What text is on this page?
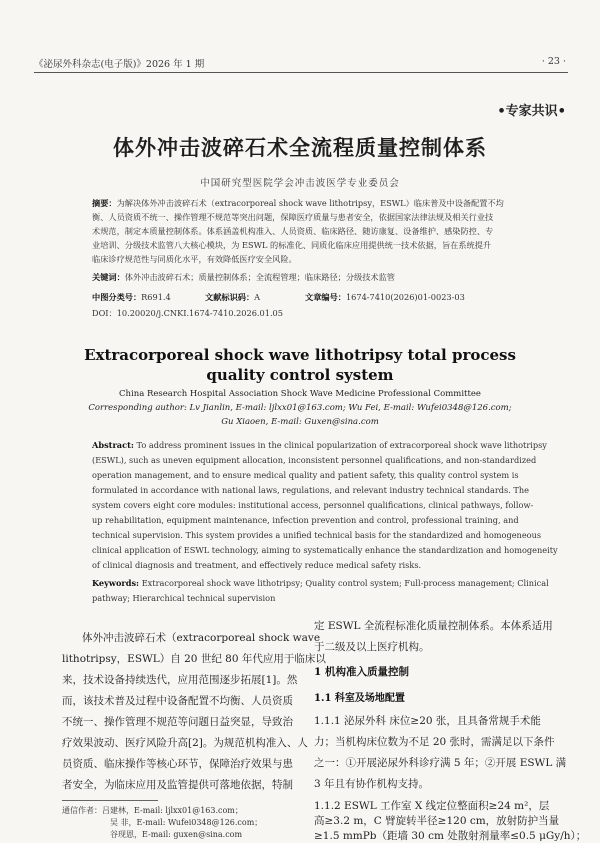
《泌尿外科杂志(电子版)》2026 年 1 期	· 23 ·
•专家共识•
体外冲击波碎石术全流程质量控制体系
中国研究型医院学会冲击波医学专业委员会
摘要：为解决体外冲击波碎石术（extracorporeal shock wave lithotripsy，ESWL）临床普及中设备配置不均
衡、人员资质不统一、操作管理不规范等突出问题，保障医疗质量与患者安全，依据国家法律法规及相关行业技
术规范，制定本质量控制体系。体系涵盖机构准入、人员资质、临床路径、随访康复、设备维护、感染防控、专
业培训、分级技术监管八大核心模块，为 ESWL 的标准化、同质化临床应用提供统一技术依据，旨在系统提升
临床诊疗规范性与同质化水平，有效降低医疗安全风险。
关键词：体外冲击波碎石术；质量控制体系；全流程管理；临床路径；分级技术监管
中图分类号：R691.4	文献标识码：A	文章编号：1674-7410(2026)01-0023-03
DOI：10.20020/j.CNKI.1674-7410.2026.01.05
Extracorporeal shock wave lithotripsy total process
quality control system
China Research Hospital Association Shock Wave Medicine Professional Committee
Corresponding author: Lv Jianlin, E-mail: ljlxx01@163.com; Wu Fei, E-mail: Wufei0348@126.com;
Gu Xiaoen, E-mail: Guxen@sina.com
Abstract: To address prominent issues in the clinical popularization of extracorporeal shock wave lithotripsy
(ESWL), such as uneven equipment allocation, inconsistent personnel qualifications, and non-standardized
operation management, and to ensure medical quality and patient safety, this quality control system is
formulated in accordance with national laws, regulations, and relevant industry technical standards. The
system covers eight core modules: institutional access, personnel qualifications, clinical pathways, follow-
up rehabilitation, equipment maintenance, infection prevention and control, professional training, and
technical supervision. This system provides a unified technical basis for the standardized and homogeneous
clinical application of ESWL technology, aiming to systematically enhance the standardization and homogeneity
of clinical diagnosis and treatment, and effectively reduce medical safety risks.
Keywords: Extracorporeal shock wave lithotripsy; Quality control system; Full-process management; Clinical
pathway; Hierarchical technical supervision
体外冲击波碎石术（extracorporeal shock wave
lithotripsy，ESWL）自 20 世纪 80 年代应用于临床以
来，技术设备持续迭代，应用范围逐步拓展[1]。然
而，该技术普及过程中设备配置不均衡、人员资质
不统一、操作管理不规范等问题日益突显，导致治
疗效果波动、医疗风险升高[2]。为规范机构准入、人
员资质、临床操作等核心环节，保障治疗效果与患
者安全，为临床应用及监管提供可落地依据，特制
通信作者：吕建林，E-mail: ljlxx01@163.com；
吴 非，E-mail: Wufei0348@126.com；
谷现恩，E-mail: guxen@sina.com
定 ESWL 全流程标准化质量控制体系。本体系适用
于二级及以上医疗机构。
1 机构准入质量控制
1.1 科室及场地配置
1.1.1 泌尿外科 床位≥20 张，且具备常规手术能
力；当机构床位数为不足 20 张时，需满足以下条件
之一：①开展泌尿外科诊疗满 5 年；②开展 ESWL 满
3 年且有协作机构支持。
1.1.2 ESWL 工作室 X 线定位整面积≥24 m²，层
高≥3.2 m，C 臂旋转半径≥120 cm，放射防护当量
≥1.5 mmPb（距墙 30 cm 处散射剂量率≤0.5 μGy/h）；
